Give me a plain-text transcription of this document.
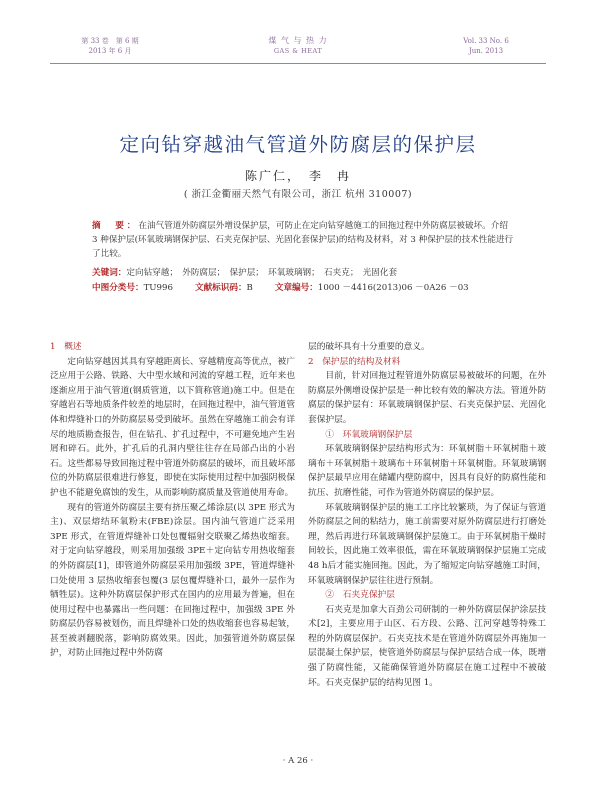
第 33 卷　第 6 期
2013 年 6 月
煤 气 与 热 力
GAS & HEAT
Vol. 33 No. 6
Jun. 2013
定向钻穿越油气管道外防腐层的保护层
陈广仁，　李　冉
( 浙江金衢丽天然气有限公司，浙江 杭州 310007)
摘　要：在油气管道外防腐层外增设保护层，可防止在定向钻穿越施工的回拖过程中外防腐层被破坏。介绍 3 种保护层(环氧玻璃钢保护层、石夹克保护层、光固化套保护层)的结构及材料，对 3 种保护层的技术性能进行了比较。
关键词：定向钻穿越；　外防腐层；　保护层；　环氧玻璃钢；　石夹克；　光固化套
中图分类号：TU996	文献标识码：B	文章编号：1000 －4416(2013)06 －0A26 －03

1　概述

定向钻穿越因其具有穿越距离长、穿越精度高等优点，被广泛应用于公路、铁路、大中型水域和河流的穿越工程，近年来也逐渐应用于油气管道(钢质管道，以下简称管道)施工中。但是在穿越岩石等地质条件较差的地层时，在回拖过程中，油气管道管体和焊缝补口的外防腐层易受到破坏。虽然在穿越施工前会有详尽的地质勘查报告，但在钻孔、扩孔过程中，不可避免地产生岩屑和碎石。此外，扩孔后的孔洞内壁往往存在局部凸出的小岩石。这些都易导致回拖过程中管道外防腐层的破坏，而且破坏部位的外防腐层很难进行修复，即使在实际使用过程中加强阴极保护也不能避免腐蚀的发生，从而影响防腐质量及管道使用寿命。

现有的管道外防腐层主要有挤压聚乙烯涂层(以 3PE 形式为主)、双层熔结环氧粉末(FBE)涂层。国内油气管道广泛采用 3PE 形式，在管道焊缝补口处包覆辐射交联聚乙烯热收缩套。对于定向钻穿越段，则采用加强级 3PE＋定向钻专用热收缩套的外防腐层[1]，即管道外防腐层采用加强级 3PE，管道焊缝补口处使用 3 层热收缩套包覆(3 层包覆焊缝补口，最外一层作为牺牲层)。这种外防腐层保护形式在国内的应用最为普遍，但在使用过程中也暴露出一些问题：在回拖过程中，加强级 3PE 外防腐层仍容易被划伤，而且焊缝补口处的热收缩套也容易起皱，甚至被剥翻脱落，影响防腐效果。因此，加强管道外防腐层保护，对防止回拖过程中外防腐

层的破坏具有十分重要的意义。

2　保护层的结构及材料

目前，针对回拖过程管道外防腐层易被破坏的问题，在外防腐层外侧增设保护层是一种比较有效的解决方法。管道外防腐层的保护层有：环氧玻璃钢保护层、石夹克保护层、光固化套保护层。

①　环氧玻璃钢保护层

环氧玻璃钢保护层结构形式为：环氧树脂＋环氧树脂＋玻璃布＋环氧树脂＋玻璃布＋环氧树脂＋环氧树脂。环氧玻璃钢保护层最早应用在储罐内壁防腐中，因具有良好的防腐性能和抗压、抗磨性能，可作为管道外防腐层的保护层。

环氧玻璃钢保护层的施工工序比较繁琐，为了保证与管道外防腐层之间的粘结力，施工前需要对原外防腐层进行打磨处理，然后再进行环氧玻璃钢保护层施工。由于环氧树脂干燥时间较长，因此施工效率很低，需在环氧玻璃钢保护层施工完成 48 h后才能实施回拖。因此，为了缩短定向钻穿越施工时间，环氧玻璃钢保护层往往进行预制。

②　石夹克保护层

石夹克是加拿大百劲公司研制的一种外防腐层保护涂层技术[2]，主要应用于山区、石方段、公路、江河穿越等特殊工程的外防腐层保护。石夹克技术是在管道外防腐层外再施加一层混凝土保护层，使管道外防腐层与保护层结合成一体，既增强了防腐性能，又能确保管道外防腐层在施工过程中不被破坏。石夹克保护层的结构见图 1。

· A 26 ·
